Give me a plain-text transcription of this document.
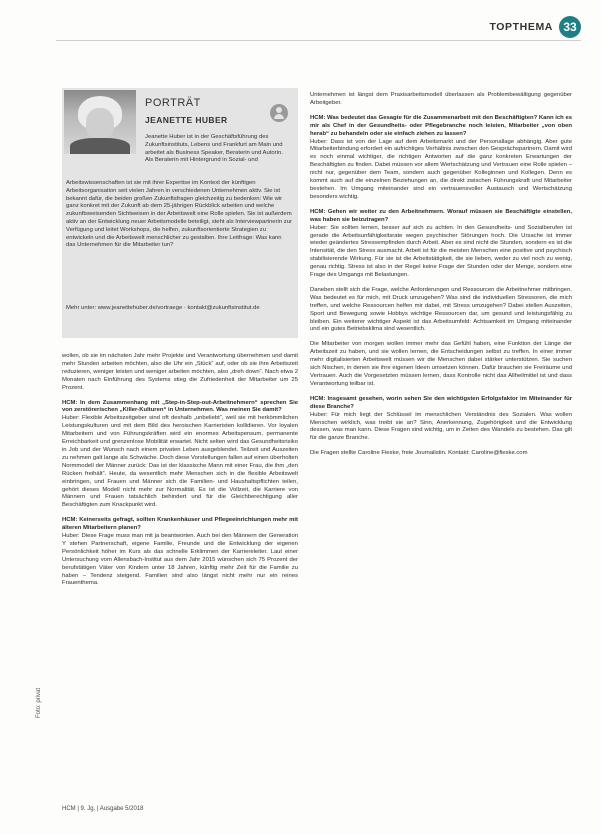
TOPTHEMA 33
PORTRÄT
JEANETTE HUBER
Jeanette Huber ist in der Geschäftsführung des Zukunftsinstituts, Lebens und Frankfurt am Main und arbeitet als Business Speaker, Beraterin und Autorin. Als Beraterin mit Hintergrund in Sozial- und
Arbeitswissenschaften ist sie mit ihrer Expertise im Kontext der künftigen Arbeitsorganisation seit vielen Jahren in verschiedenen Unternehmen aktiv. Sie ist bekannt dafür, die beiden großen Zukunftsfragen gleichzeitig zu bedenken: Wie wir ganz konkret mit der Zukunft ab dem 25-jährigen Rückblick arbeiten und welche zukunftsweisenden Sichtweisen in der Arbeitswelt eine Rolle spielen. Sie ist außerdem aktiv an der Entwicklung neuer Arbeitsmodelle beteiligt, steht als Interviewpartnerin zur Verfügung und leitet Workshops, die helfen, zukunftsorientierte Strategien zu entwickeln und die Arbeitswelt menschlicher zu gestalten. Ihre Leitfrage: Was kann das Unternehmen für die Mitarbeiter tun?
Mehr unter: www.jeanettehuber.de/vortraege · kontakt@zukunftsinstitut.de

wollen, ob sie im nächsten Jahr mehr Projekte und Verantwortung übernehmen und damit mehr Stunden arbeiten möchten, also die Uhr ein „Stück“ auf, oder ob sie ihre Arbeitszeit reduzieren, weniger leisten und weniger arbeiten möchten, also „dreh down“. Nach etwa 2 Monaten nach Einführung des Systems stieg die Zufriedenheit der Mitarbeiter um 25 Prozent.

HCM: In dem Zusammenhang mit „Step-in-Step-out-Arbeitnehmern“ sprechen Sie von zerstörerischen „Killer-Kulturen“ in Unternehmen. Was meinen Sie damit?

Huber: Flexible Arbeitszeitgeber sind oft deshalb „unbeliebt“, weil sie mit herkömmlichen Leistungskulturen und mit dem Bild des heroischen Karrieristen kollidieren. Vor loyalen Mitarbeitern und von Führungskräften wird ein enormes Arbeitspensum, permanente Erreichbarkeit und grenzenlose Mobilität erwartet. Nicht selten wird das Gesundheitsrisiko in Job und der Wunsch nach einem privaten Leben ausgeblendet. Teilzeit und Auszeiten zu nehmen galt lange als Schwäche. Doch diese Vorstellungen fallen auf einen überholten Normmodell der Männer zurück: Das ist der klassische Mann mit einer Frau, die ihm „den Rücken freihält“. Heute, da wesentlich mehr Menschen sich in die flexible Arbeitswelt einbringen, und Frauen und Männer sich die Familien- und Haushaltspflichten teilen, gehört dieses Modell nicht mehr zur Normalität. Es ist die Vollzeit, die Karriere von Männern und Frauen tatsächlich behindert und für die Gleichberechtigung aller Beschäftigten zum Knackpunkt wird.

HCM: Keinerseits gefragt, sollten Krankenhäuser und Pflegeeinrichtungen mehr mit älteren Mitarbeitern planen?

Huber: Diese Frage muss man mit ja beantworten. Auch bei den Männern der Generation Y stehen Partnerschaft, eigene Familie, Freunde und die Entwicklung der eigenen Persönlichkeit höher im Kurs als das schnelle Erklimmen der Karriereleiter. Laut einer Untersuchung vom Allensbach-Institut aus dem Jahr 2015 wünschen sich 75 Prozent der berufstätigen Väter von Kindern unter 18 Jahren, künftig mehr Zeit für die Familie zu haben – Tendenz steigend. Familien sind also längst nicht mehr nur ein reines Frauenthema.

Unternehmen ist längst dem Praxisarbeitsmodell überlassen als Problembewältigung gegenüber Arbeitgeber.

HCM: Was bedeutet das Gesagte für die Zusammenarbeit mit den Beschäftigten? Kann ich es mir als Chef in der Gesundheits- oder Pflegebranche noch leisten, Mitarbeiter „von oben herab“ zu behandeln oder sie einfach ziehen zu lassen?

Huber: Dass ist von der Lage auf dem Arbeitsmarkt und der Personallage abhängig. Aber gute Mitarbeiterbindung erfordert ein aufrichtiges Verhältnis zwischen den Gesprächspartnern. Damit wird es noch einmal wichtiger, die richtigen Antworten auf die ganz konkreten Erwartungen der Beschäftigten zu finden. Dabei müssen vor allem Wertschätzung und Vertrauen eine Rolle spielen – nicht nur, gegenüber dem Team, sondern auch gegenüber Kolleginnen und Kollegen. Denn es kommt auch auf die einzelnen Beziehungen an, die direkt zwischen Führungskraft und Mitarbeiter bestehen. Im Umgang miteinander sind ein vertrauensvoller Austausch und Wertschätzung besonders wichtig.

HCM: Gehen wir weiter zu den Arbeitnehmern. Worauf müssen sie Beschäftigte einstellen, was haben sie beizutragen?

Huber: Sie sollten lernen, besser auf sich zu achten. In den Gesundheits- und Sozialberufen ist gerade die Arbeitsunfähigkeitsrate wegen psychischer Störungen hoch. Die Ursache ist immer wieder geändertes Stressempfinden durch Arbeit. Aber es sind nicht die Stunden, sondern es ist die Intensität, die den Stress ausmacht. Arbeit ist für die meisten Menschen eine positive und psychisch stabilisierende Wirkung. Für sie ist die Arbeitstätigkeit, die sie lieben, weder zu viel noch zu wenig, genau richtig. Stress ist also in der Regel keine Frage der Stunden oder der Menge, sondern eine Frage des Umgangs mit Belastungen.

Daneben stellt sich die Frage, welche Anforderungen und Ressourcen die Arbeitnehmer mitbringen. Was bedeutet es für mich, mit Druck umzugehen? Was sind die individuellen Stressoren, die mich treffen, und welche Ressourcen helfen mir dabei, mit Stress umzugehen? Dabei stellen Auszeiten, Sport und Bewegung sowie Hobbys wichtige Ressourcen dar, um gesund und leistungsfähig zu bleiben. Ein weiterer wichtiger Aspekt ist das Arbeitsumfeld: Achtsamkeit im Umgang miteinander und ein gutes Betriebsklima sind wesentlich.

Die Mitarbeiter von morgen wollen immer mehr das Gefühl haben, eine Funktion der Länge der Arbeitszeit zu haben, und sie wollen lernen, die Entscheidungen selbst zu treffen. In einer immer mehr digitalisierten Arbeitswelt müssen wir die Menschen dabei stärker unterstützen. Sie suchen sich Nischen, in denen sie ihre eigenen Ideen umsetzen können. Dafür brauchen sie Freiräume und Vertrauen. Auch die Vorgesetzten müssen lernen, dass Kontrolle nicht das Allheilmittel ist und dass Verantwortung teilbar ist.

HCM: Insgesamt gesehen, worin sehen Sie den wichtigsten Erfolgsfaktor im Miteinander für diese Branche?

Huber: Für mich liegt der Schlüssel im menschlichen Verständnis des Sozialen. Was wollen Menschen wirklich, was treibt sie an? Sinn, Anerkennung, Zugehörigkeit und die Entwicklung dessen, was man kann. Diese Fragen sind wichtig, um in Zeiten des Wandels zu bestehen. Das gilt für die ganze Branche.

Die Fragen stellte Caroline Fieske, freie Journalistin. Kontakt: Caroline@fieske.com

Foto: privat
HCM | 9. Jg. | Ausgabe 5/2018
